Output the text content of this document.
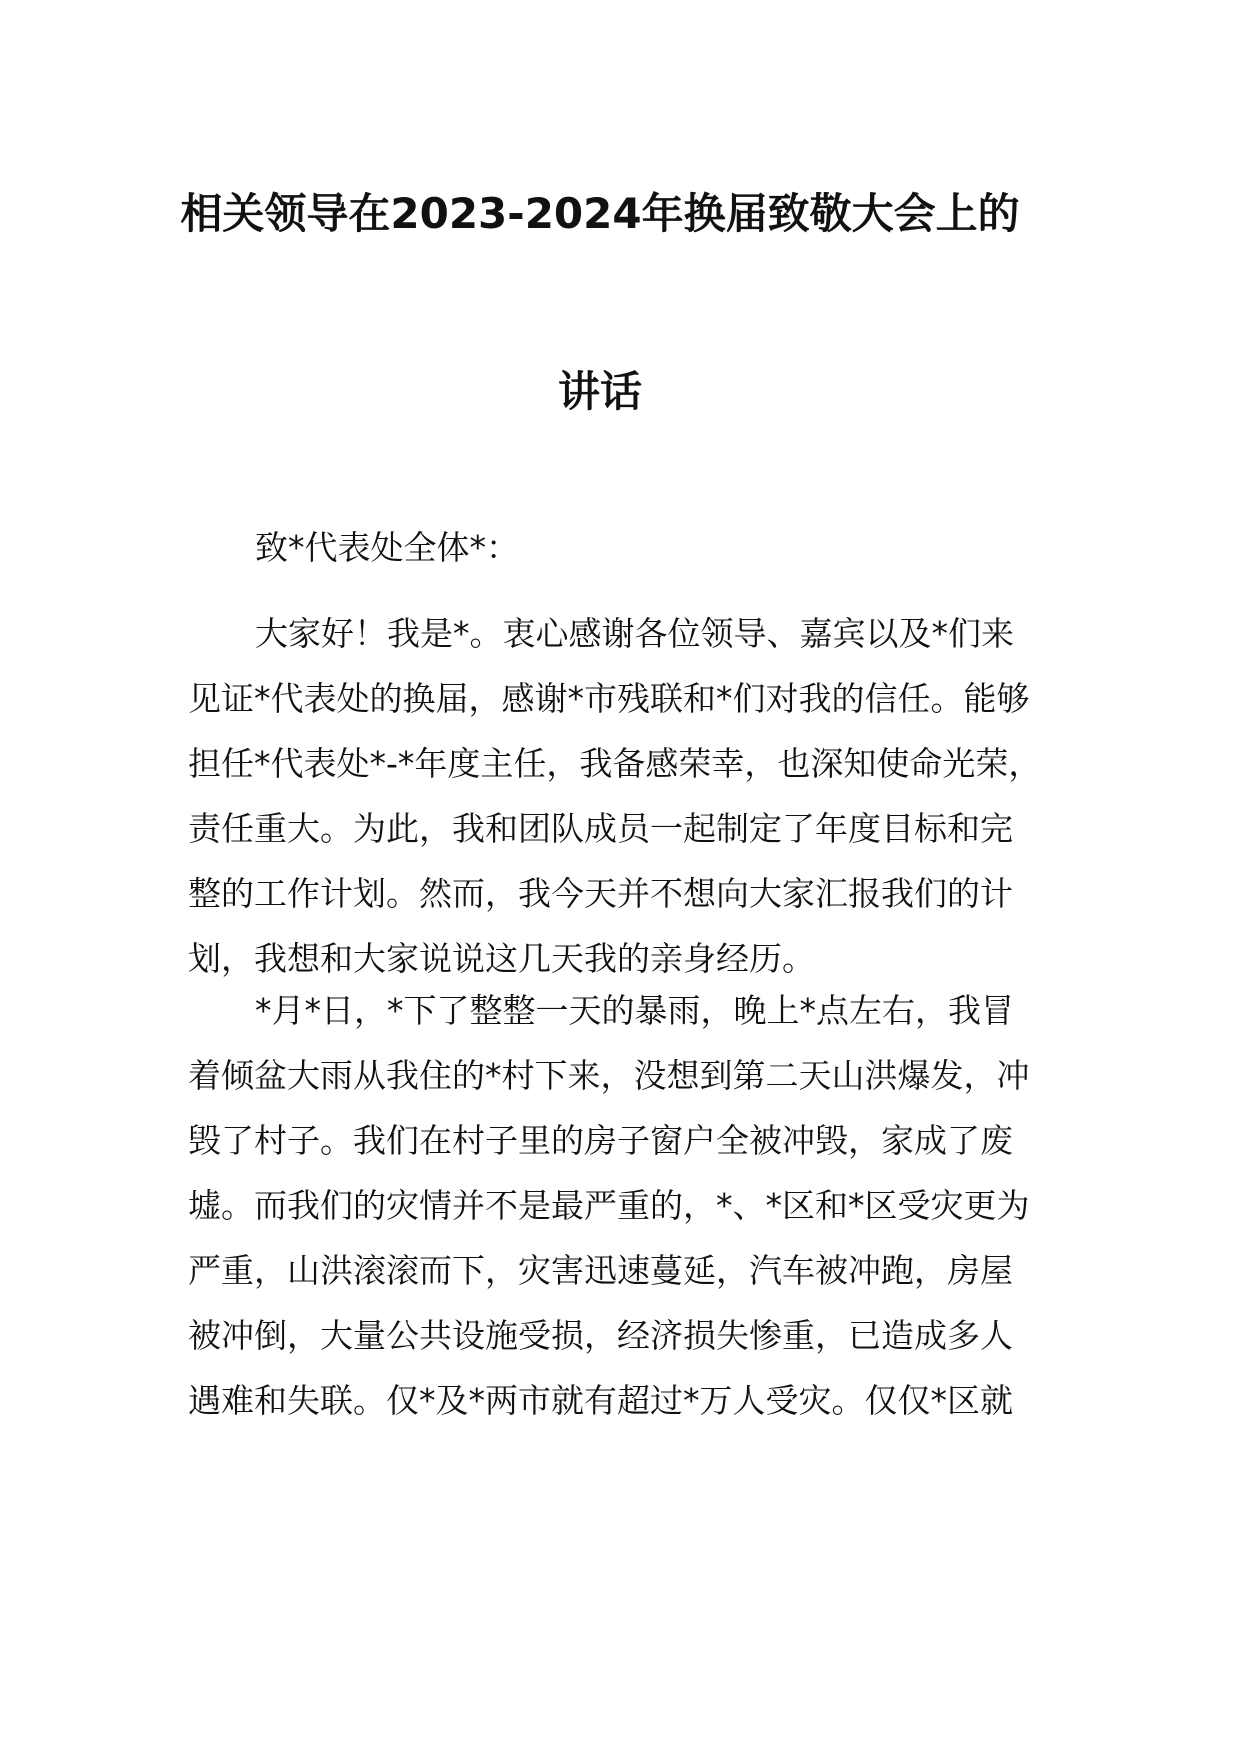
相关领导在2023-2024年换届致敬大会上的
讲话

致*代表处全体*：

大家好！我是*。衷心感谢各位领导、嘉宾以及*们来
见证*代表处的换届，感谢*市残联和*们对我的信任。能够
担任*代表处*-*年度主任，我备感荣幸，也深知使命光荣，
责任重大。为此，我和团队成员一起制定了年度目标和完
整的工作计划。然而，我今天并不想向大家汇报我们的计
划，我想和大家说说这几天我的亲身经历。

*月*日，*下了整整一天的暴雨，晚上*点左右，我冒
着倾盆大雨从我住的*村下来，没想到第二天山洪爆发，冲
毁了村子。我们在村子里的房子窗户全被冲毁，家成了废
墟。而我们的灾情并不是最严重的，*、*区和*区受灾更为
严重，山洪滚滚而下，灾害迅速蔓延，汽车被冲跑，房屋
被冲倒，大量公共设施受损，经济损失惨重，已造成多人
遇难和失联。仅*及*两市就有超过*万人受灾。仅仅*区就
